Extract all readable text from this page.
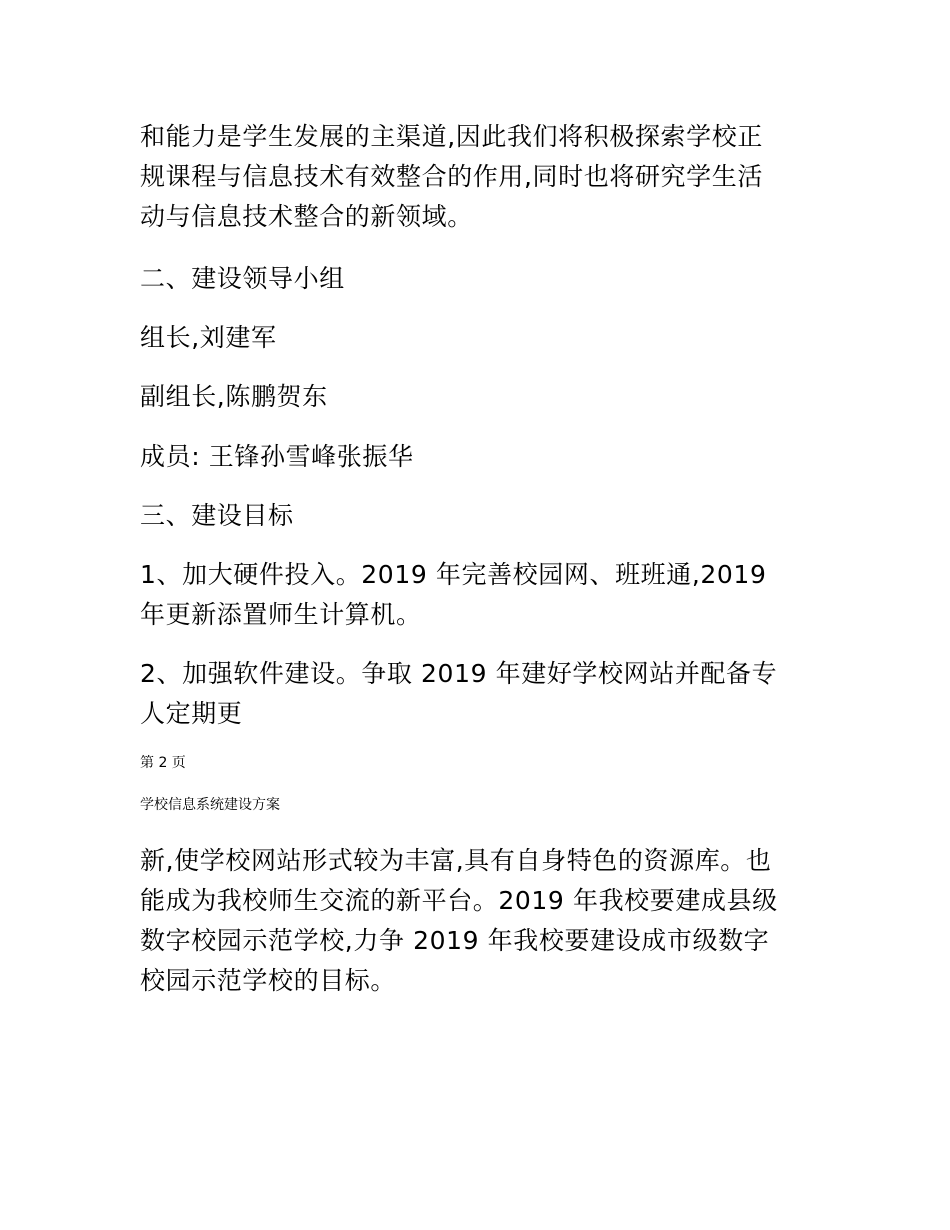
和能力是学生发展的主渠道,因此我们将积极探索学校正
规课程与信息技术有效整合的作用,同时也将研究学生活
动与信息技术整合的新领域。
二、建设领导小组
组长,刘建军
副组长,陈鹏贺东
成员: 王锋孙雪峰张振华
三、建设目标
1、加大硬件投入。2019 年完善校园网、班班通,2019
年更新添置师生计算机。
2、加强软件建设。争取 2019 年建好学校网站并配备专
人定期更
第 2 页
学校信息系统建设方案
新,使学校网站形式较为丰富,具有自身特色的资源库。也
能成为我校师生交流的新平台。2019 年我校要建成县级
数字校园示范学校,力争 2019 年我校要建设成市级数字
校园示范学校的目标。
